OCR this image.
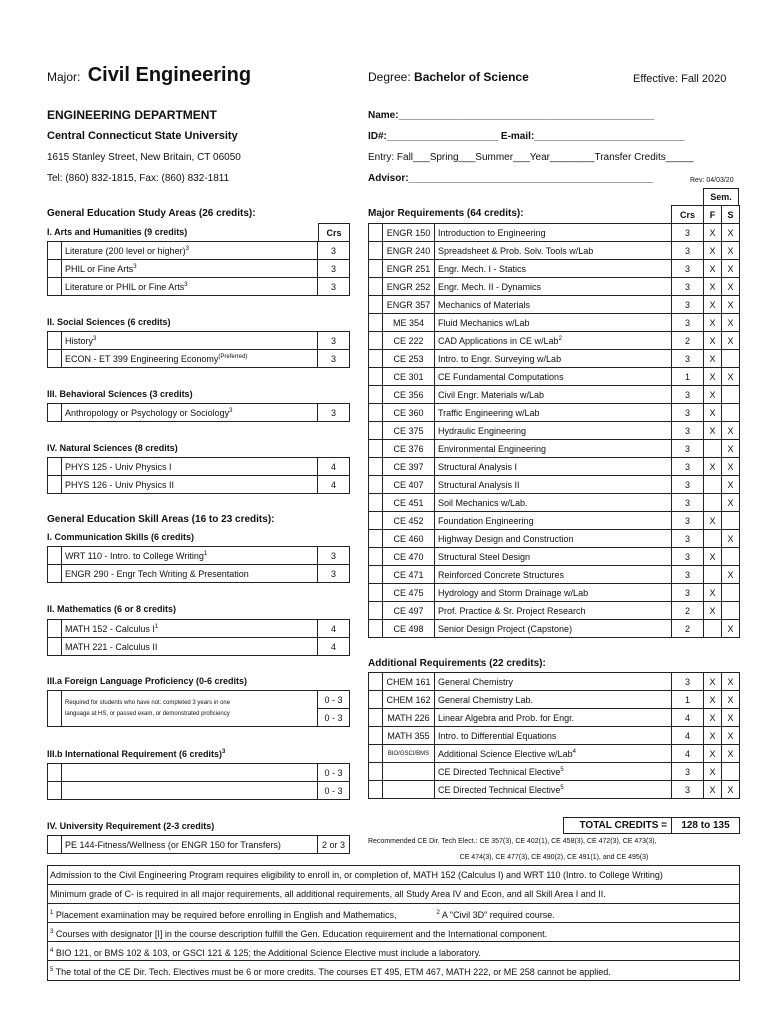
Major: Civil Engineering	Degree: Bachelor of Science	Effective: Fall 2020
ENGINEERING DEPARTMENT
Central Connecticut State University
1615 Stanley Street, New Britain, CT 06050
Tel: (860) 832-1815, Fax: (860) 832-1811
Name:______________________________________________
ID#:____________________ E-mail:___________________________
Entry: Fall___Spring___Summer___Year________Transfer Credits_____
Advisor:____________________________________________	Rev: 04/03/20
General Education Study Areas (26 credits):
I. Arts and Humanities (9 credits)	Crs
	Literature (200 level or higher)$^3$	3
	PHIL or Fine Arts$^3$	3
	Literature or PHIL or Fine Arts$^3$	3
II. Social Sciences (6 credits)
	History$^3$	3
	ECON - ET 399 Engineering Economy$^{(Preferred)}$	3
III. Behavioral Sciences (3 credits)
	Anthropology or Psychology or Sociology$^3$	3
IV. Natural Sciences (8 credits)
	PHYS 125 - Univ Physics I	4
	PHYS 126 - Univ Physics II	4
General Education Skill Areas (16 to 23 credits):
I. Communication Skills (6 credits)
	WRT 110 - Intro. to College Writing$^1$	3
	ENGR 290 - Engr Tech Writing & Presentation	3
II. Mathematics (6 or 8 credits)
	MATH 152 - Calculus $I^1$	4
	MATH 221 - Calculus II	4
III.a Foreign Language Proficiency (0-6 credits)
	Required for students who have not: completed 3 years in one
language at HS, or passed exam, or demonstrated proficiency	0 - 3
0 - 3
III.b International Requirement (6 credits)$^3$
		0 - 3
		0 - 3
IV. University Requirement (2-3 credits)
	PE 144-Fitness/Wellness (or ENGR 150 for Transfers)	2 or 3
Sem.
Major Requirements (64 credits):
			Crs	F	S
	ENGR 150	Introduction to Engineering	3	X	X
	ENGR 240	Spreadsheet & Prob. Solv. Tools w/Lab	3	X	X
	ENGR 251	Engr. Mech. I - Statics	3	X	X
	ENGR 252	Engr. Mech. II - Dynamics	3	X	X
	ENGR 357	Mechanics of Materials	3	X	X
	ME 354	Fluid Mechanics w/Lab	3	X	X
	CE 222	CAD Applications in CE w/Lab$^2$	2	X	X
	CE 253	Intro. to Engr. Surveying w/Lab	3	X	
	CE 301	CE Fundamental Computations	1	X	X
	CE 356	Civil Engr. Materials w/Lab	3	X	
	CE 360	Traffic Engineering w/Lab	3	X	
	CE 375	Hydraulic Engineering	3	X	X
	CE 376	Environmental Engineering	3		X
	CE 397	Structural Analysis I	3	X	X
	CE 407	Structural Analysis II	3		X
	CE 451	Soil Mechanics w/Lab.	3		X
	CE 452	Foundation Engineering	3	X	
	CE 460	Highway Design and Construction	3		X
	CE 470	Structural Steel Design	3	X	
	CE 471	Reinforced Concrete Structures	3		X
	CE 475	Hydrology and Storm Drainage w/Lab	3	X	
	CE 497	Prof. Practice & Sr. Project Research	2	X	
	CE 498	Senior Design Project (Capstone)	2		X
Additional Requirements (22 credits):
	CHEM 161	General Chemistry	3	X	X
	CHEM 162	General Chemistry Lab.	1	X	X
	MATH 226	Linear Algebra and Prob. for Engr.	4	X	X
	MATH 355	Intro. to Differential Equations	4	X	X
	BIO/GSCI/BMS	Additional Science Elective w/Lab$^4$	4	X	X
		CE Directed Technical Elective$^5$	3	X	
		CE Directed Technical Elective$^5$	3	X	X
TOTAL CREDITS =	128 to 135
Recommended CE Dir. Tech Elect.: CE 357(3), CE 402(1), CE 458(3), CE 472(3), CE 473(3),
CE 474(3), CE 477(3), CE 490(2), CE 491(1), and CE 495(3)
Admission to the Civil Engineering Program requires eligibility to enroll in, or completion of, MATH 152 (Calculus I) and WRT 110 (Intro. to College Writing)
Minimum grade of C- is required in all major requirements, all additional requirements, all Study Area IV and Econ, and all Skill Area I and II.
$^1$ Placement examination may be required before enrolling in English and Mathematics,	$^2$ A "Civil 3D" required course.
$^3$ Courses with designator [I] in the course description fulfill the Gen. Education requirement and the International component.
$^4$ BIO 121, or BMS 102 & 103, or GSCI 121 & 125; the Additional Science Elective must include a laboratory.
$^5$ The total of the CE Dir. Tech. Electives must be 6 or more credits. The courses ET 495, ETM 467, MATH 222, or ME 258 cannot be applied.
